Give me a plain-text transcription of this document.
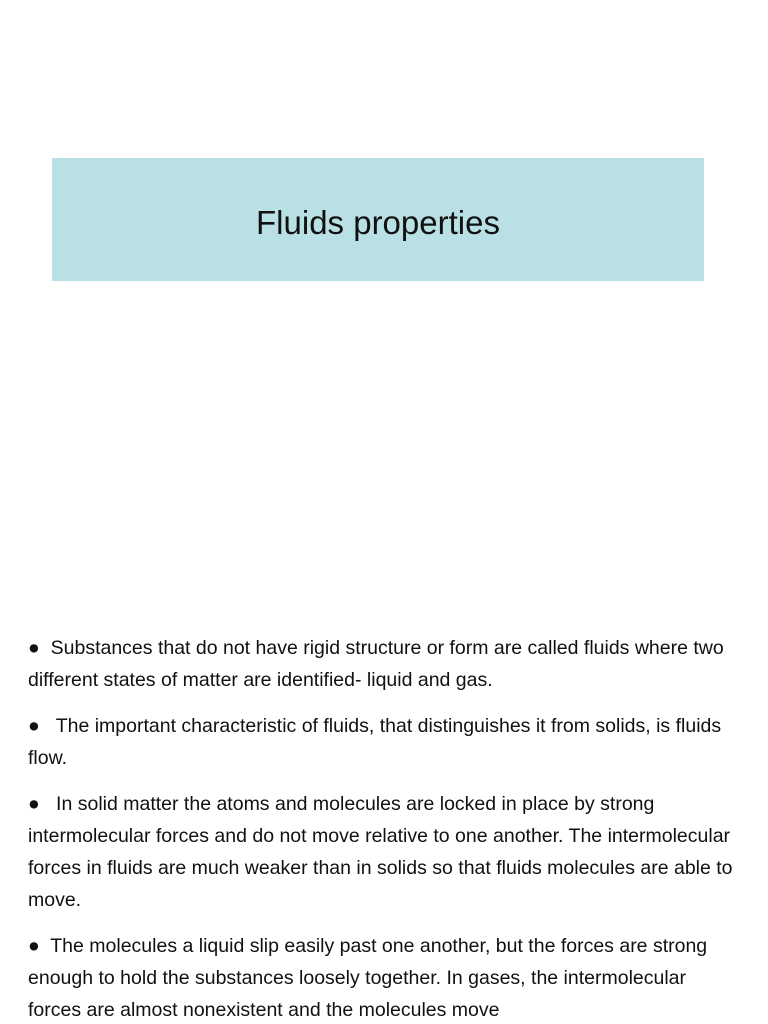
Fluids properties

● Substances that do not have rigid structure or form are called fluids where two different states of matter are identified- liquid and gas.

● The important characteristic of fluids, that distinguishes it from solids, is fluids flow.

● In solid matter the atoms and molecules are locked in place by strong intermolecular forces and do not move relative to one another. The intermolecular forces in fluids are much weaker than in solids so that fluids molecules are able to move.

● The molecules a liquid slip easily past one another, but the forces are strong enough to hold the substances loosely together. In gases, the intermolecular forces are almost nonexistent and the molecules move
